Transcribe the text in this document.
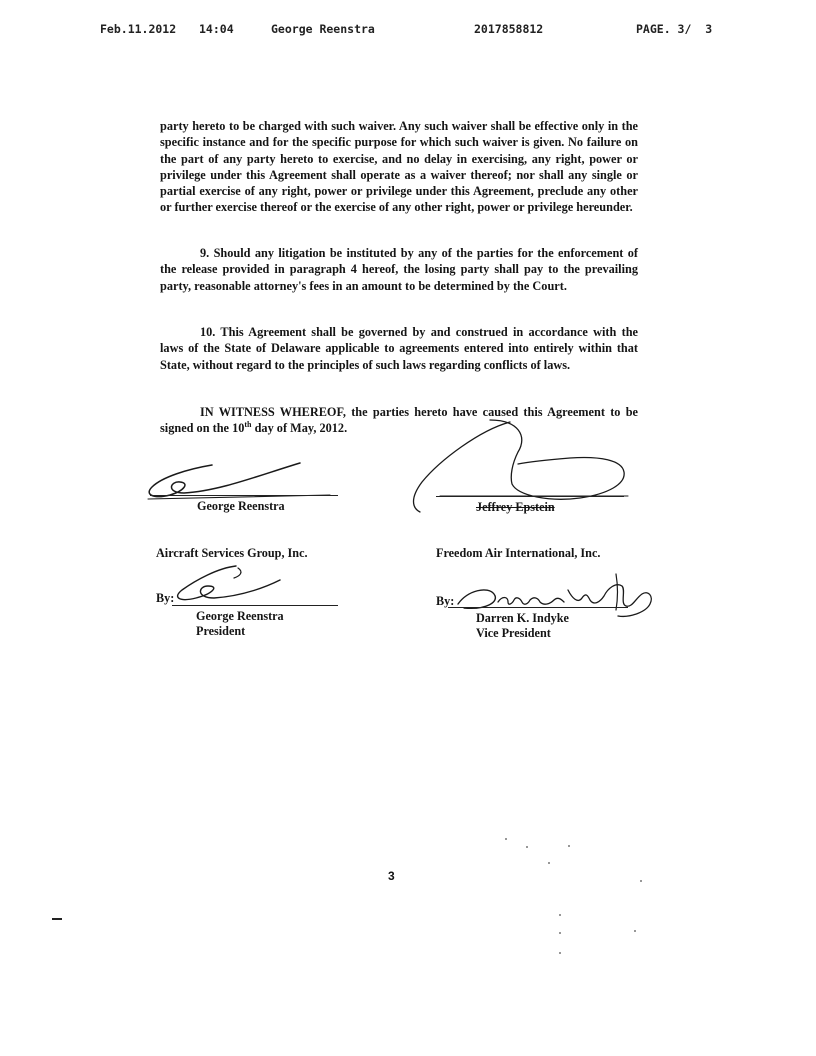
Feb.11.2012 14:04	George Reenstra	2017858812	PAGE. 3/  3
party hereto to be charged with such waiver. Any such waiver shall be effective only in the specific instance and for the specific purpose for which such waiver is given. No failure on the part of any party hereto to exercise, and no delay in exercising, any right, power or privilege under this Agreement shall operate as a waiver thereof; nor shall any single or partial exercise of any right, power or privilege under this Agreement, preclude any other or further exercise thereof or the exercise of any other right, power or privilege hereunder.
9. Should any litigation be instituted by any of the parties for the enforcement of the release provided in paragraph 4 hereof, the losing party shall pay to the prevailing party, reasonable attorney's fees in an amount to be determined by the Court.
10. This Agreement shall be governed by and construed in accordance with the laws of the State of Delaware applicable to agreements entered into entirely within that State, without regard to the principles of such laws regarding conflicts of laws.
IN WITNESS WHEREOF, the parties hereto have caused this Agreement to be signed on the 10th day of May, 2012.
George Reenstra	Jeffrey Epstein
Aircraft Services Group, Inc.	Freedom Air International, Inc.
By:
George Reenstra
President
By:
Darren K. Indyke
Vice President
3
